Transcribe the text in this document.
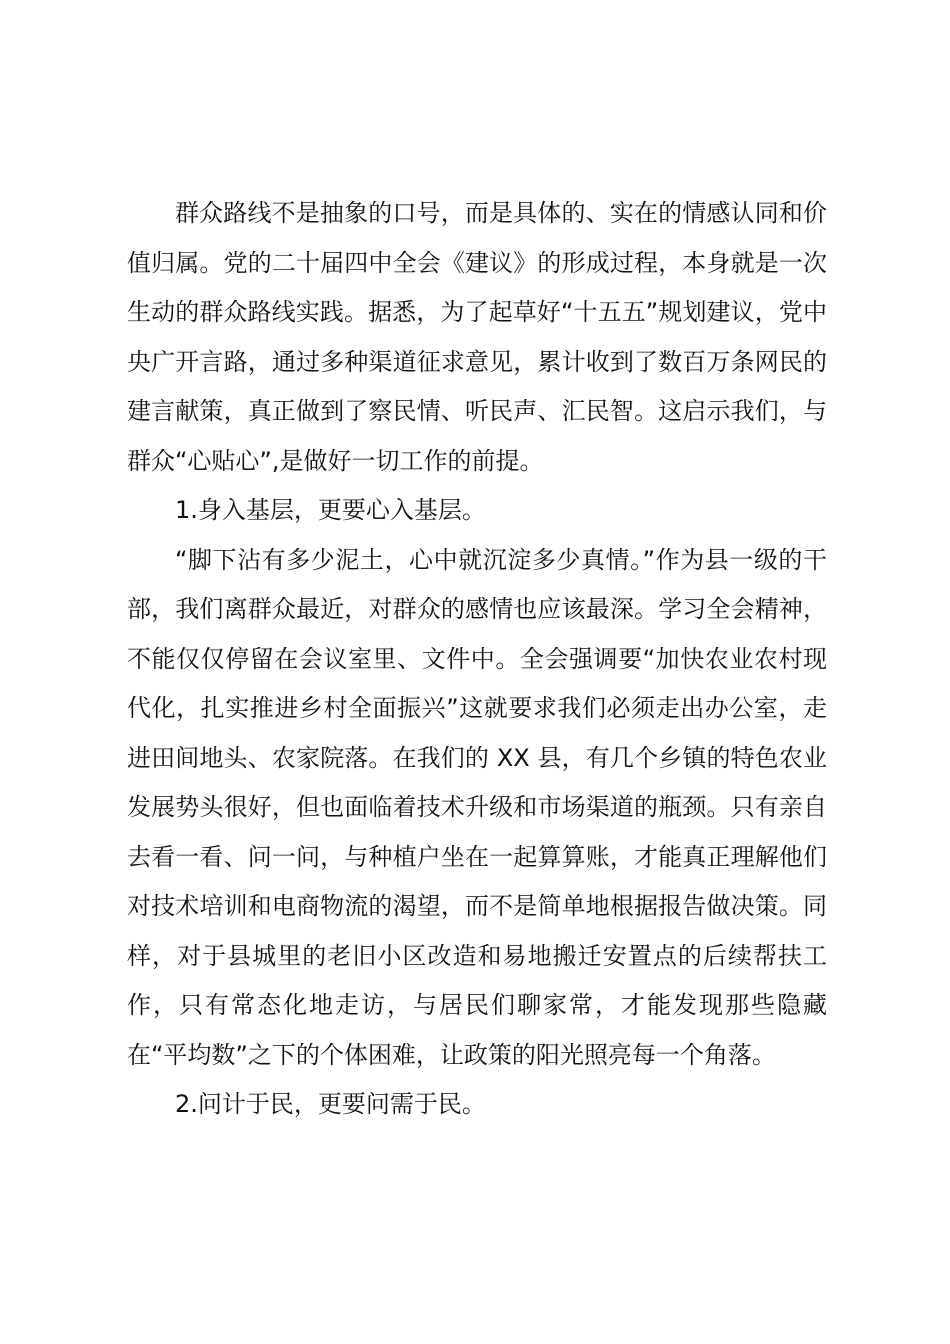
群众路线不是抽象的口号，而是具体的、实在的情感认同和价值归属。党的二十届四中全会《建议》的形成过程，本身就是一次生动的群众路线实践。据悉，为了起草好“十五五”规划建议，党中央广开言路，通过多种渠道征求意见，累计收到了数百万条网民的建言献策，真正做到了察民情、听民声、汇民智。这启示我们，与群众“心贴心”,是做好一切工作的前提。

1.身入基层，更要心入基层。

“脚下沾有多少泥土，心中就沉淀多少真情。”作为县一级的干部，我们离群众最近，对群众的感情也应该最深。学习全会精神，不能仅仅停留在会议室里、文件中。全会强调要“加快农业农村现代化，扎实推进乡村全面振兴”这就要求我们必须走出办公室，走进田间地头、农家院落。在我们的 XX 县，有几个乡镇的特色农业发展势头很好，但也面临着技术升级和市场渠道的瓶颈。只有亲自去看一看、问一问，与种植户坐在一起算算账，才能真正理解他们对技术培训和电商物流的渴望，而不是简单地根据报告做决策。同样，对于县城里的老旧小区改造和易地搬迁安置点的后续帮扶工作，只有常态化地走访，与居民们聊家常，才能发现那些隐藏在“平均数”之下的个体困难，让政策的阳光照亮每一个角落。

2.问计于民，更要问需于民。
